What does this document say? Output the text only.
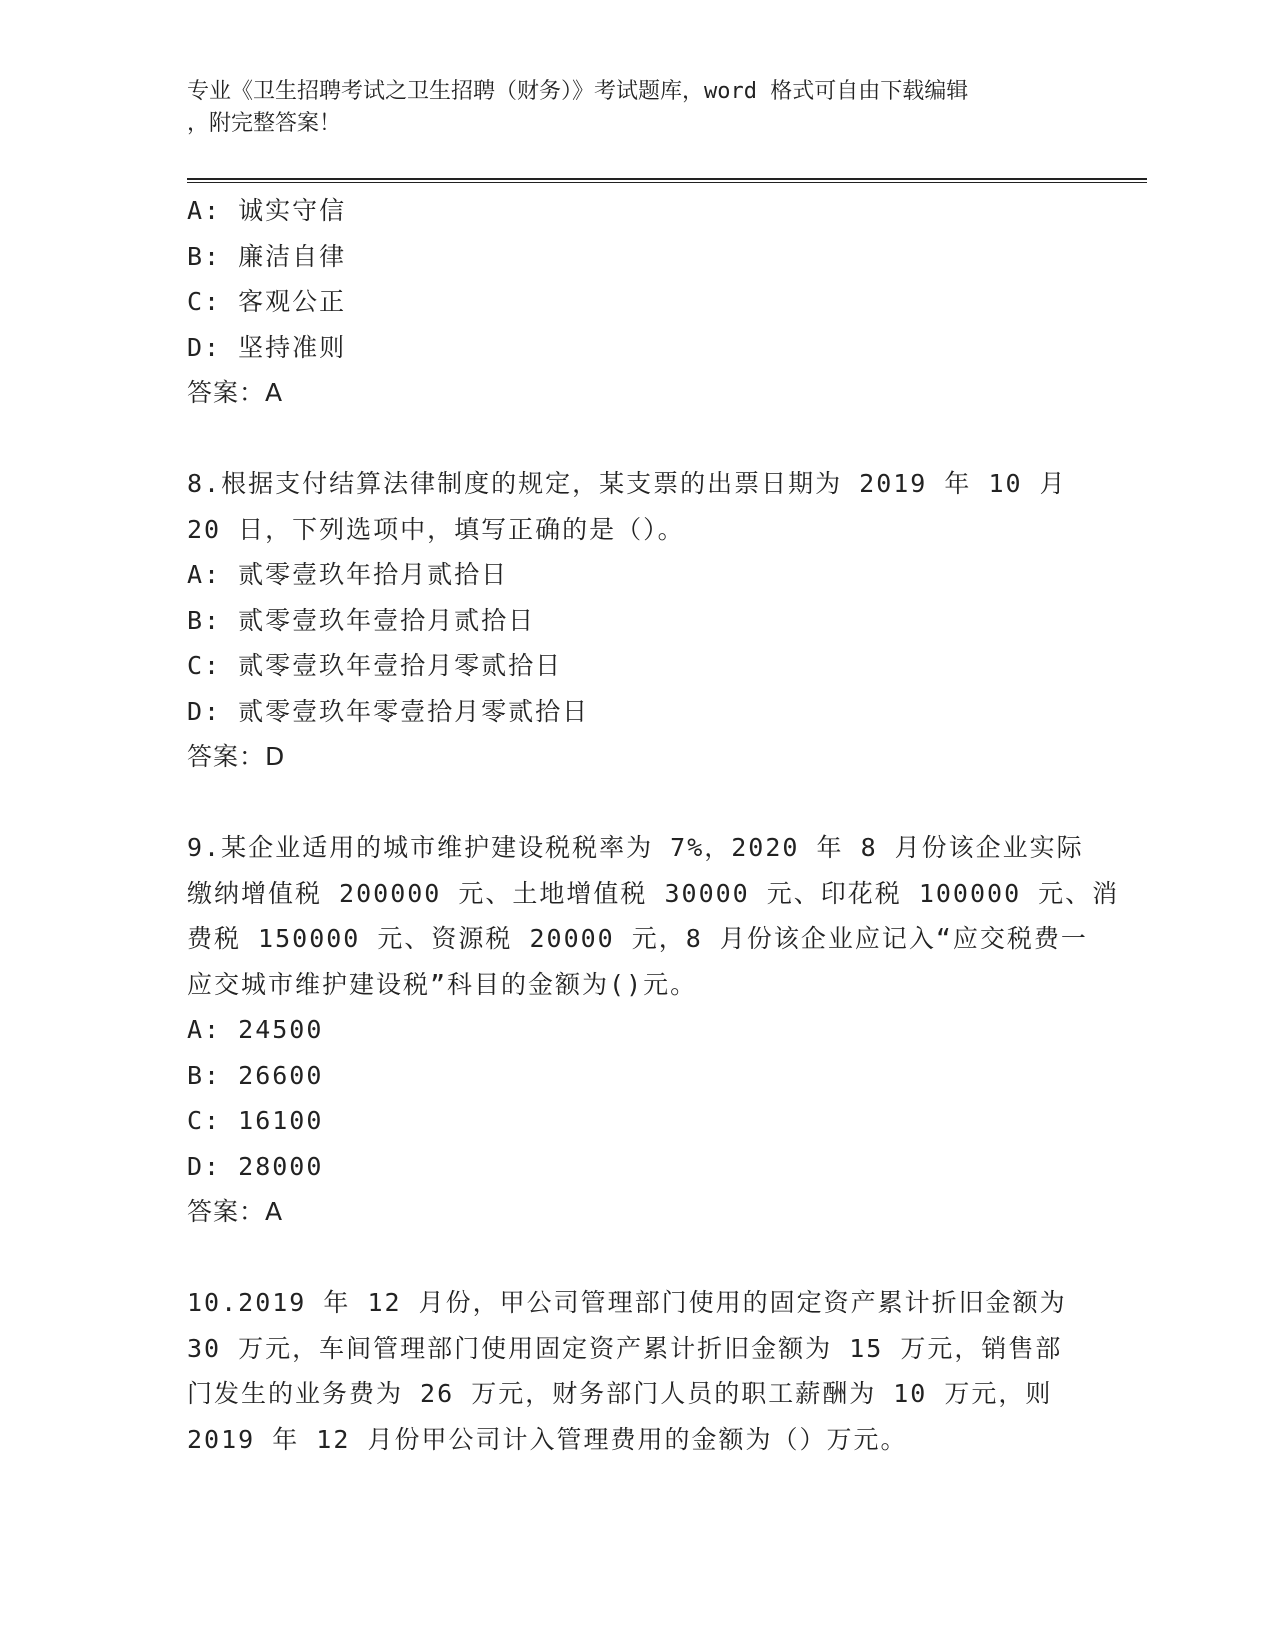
专业《卫生招聘考试之卫生招聘（财务）》考试题库，word 格式可自由下载编辑
，附完整答案！
A: 诚实守信
B: 廉洁自律
C: 客观公正
D: 坚持准则
答案：A
8.根据支付结算法律制度的规定，某支票的出票日期为 2019 年 10 月
20 日，下列选项中，填写正确的是（）。
A: 贰零壹玖年拾月贰拾日
B: 贰零壹玖年壹拾月贰拾日
C: 贰零壹玖年壹拾月零贰拾日
D: 贰零壹玖年零壹拾月零贰拾日
答案：D
9.某企业适用的城市维护建设税税率为 7%，2020 年 8 月份该企业实际
缴纳增值税 200000 元、土地增值税 30000 元、印花税 100000 元、消
费税 150000 元、资源税 20000 元，8 月份该企业应记入“应交税费一
应交城市维护建设税”科目的金额为()元。
A: 24500
B: 26600
C: 16100
D: 28000
答案：A
10.2019 年 12 月份，甲公司管理部门使用的固定资产累计折旧金额为
30 万元，车间管理部门使用固定资产累计折旧金额为 15 万元，销售部
门发生的业务费为 26 万元，财务部门人员的职工薪酬为 10 万元，则
2019 年 12 月份甲公司计入管理费用的金额为（）万元。
